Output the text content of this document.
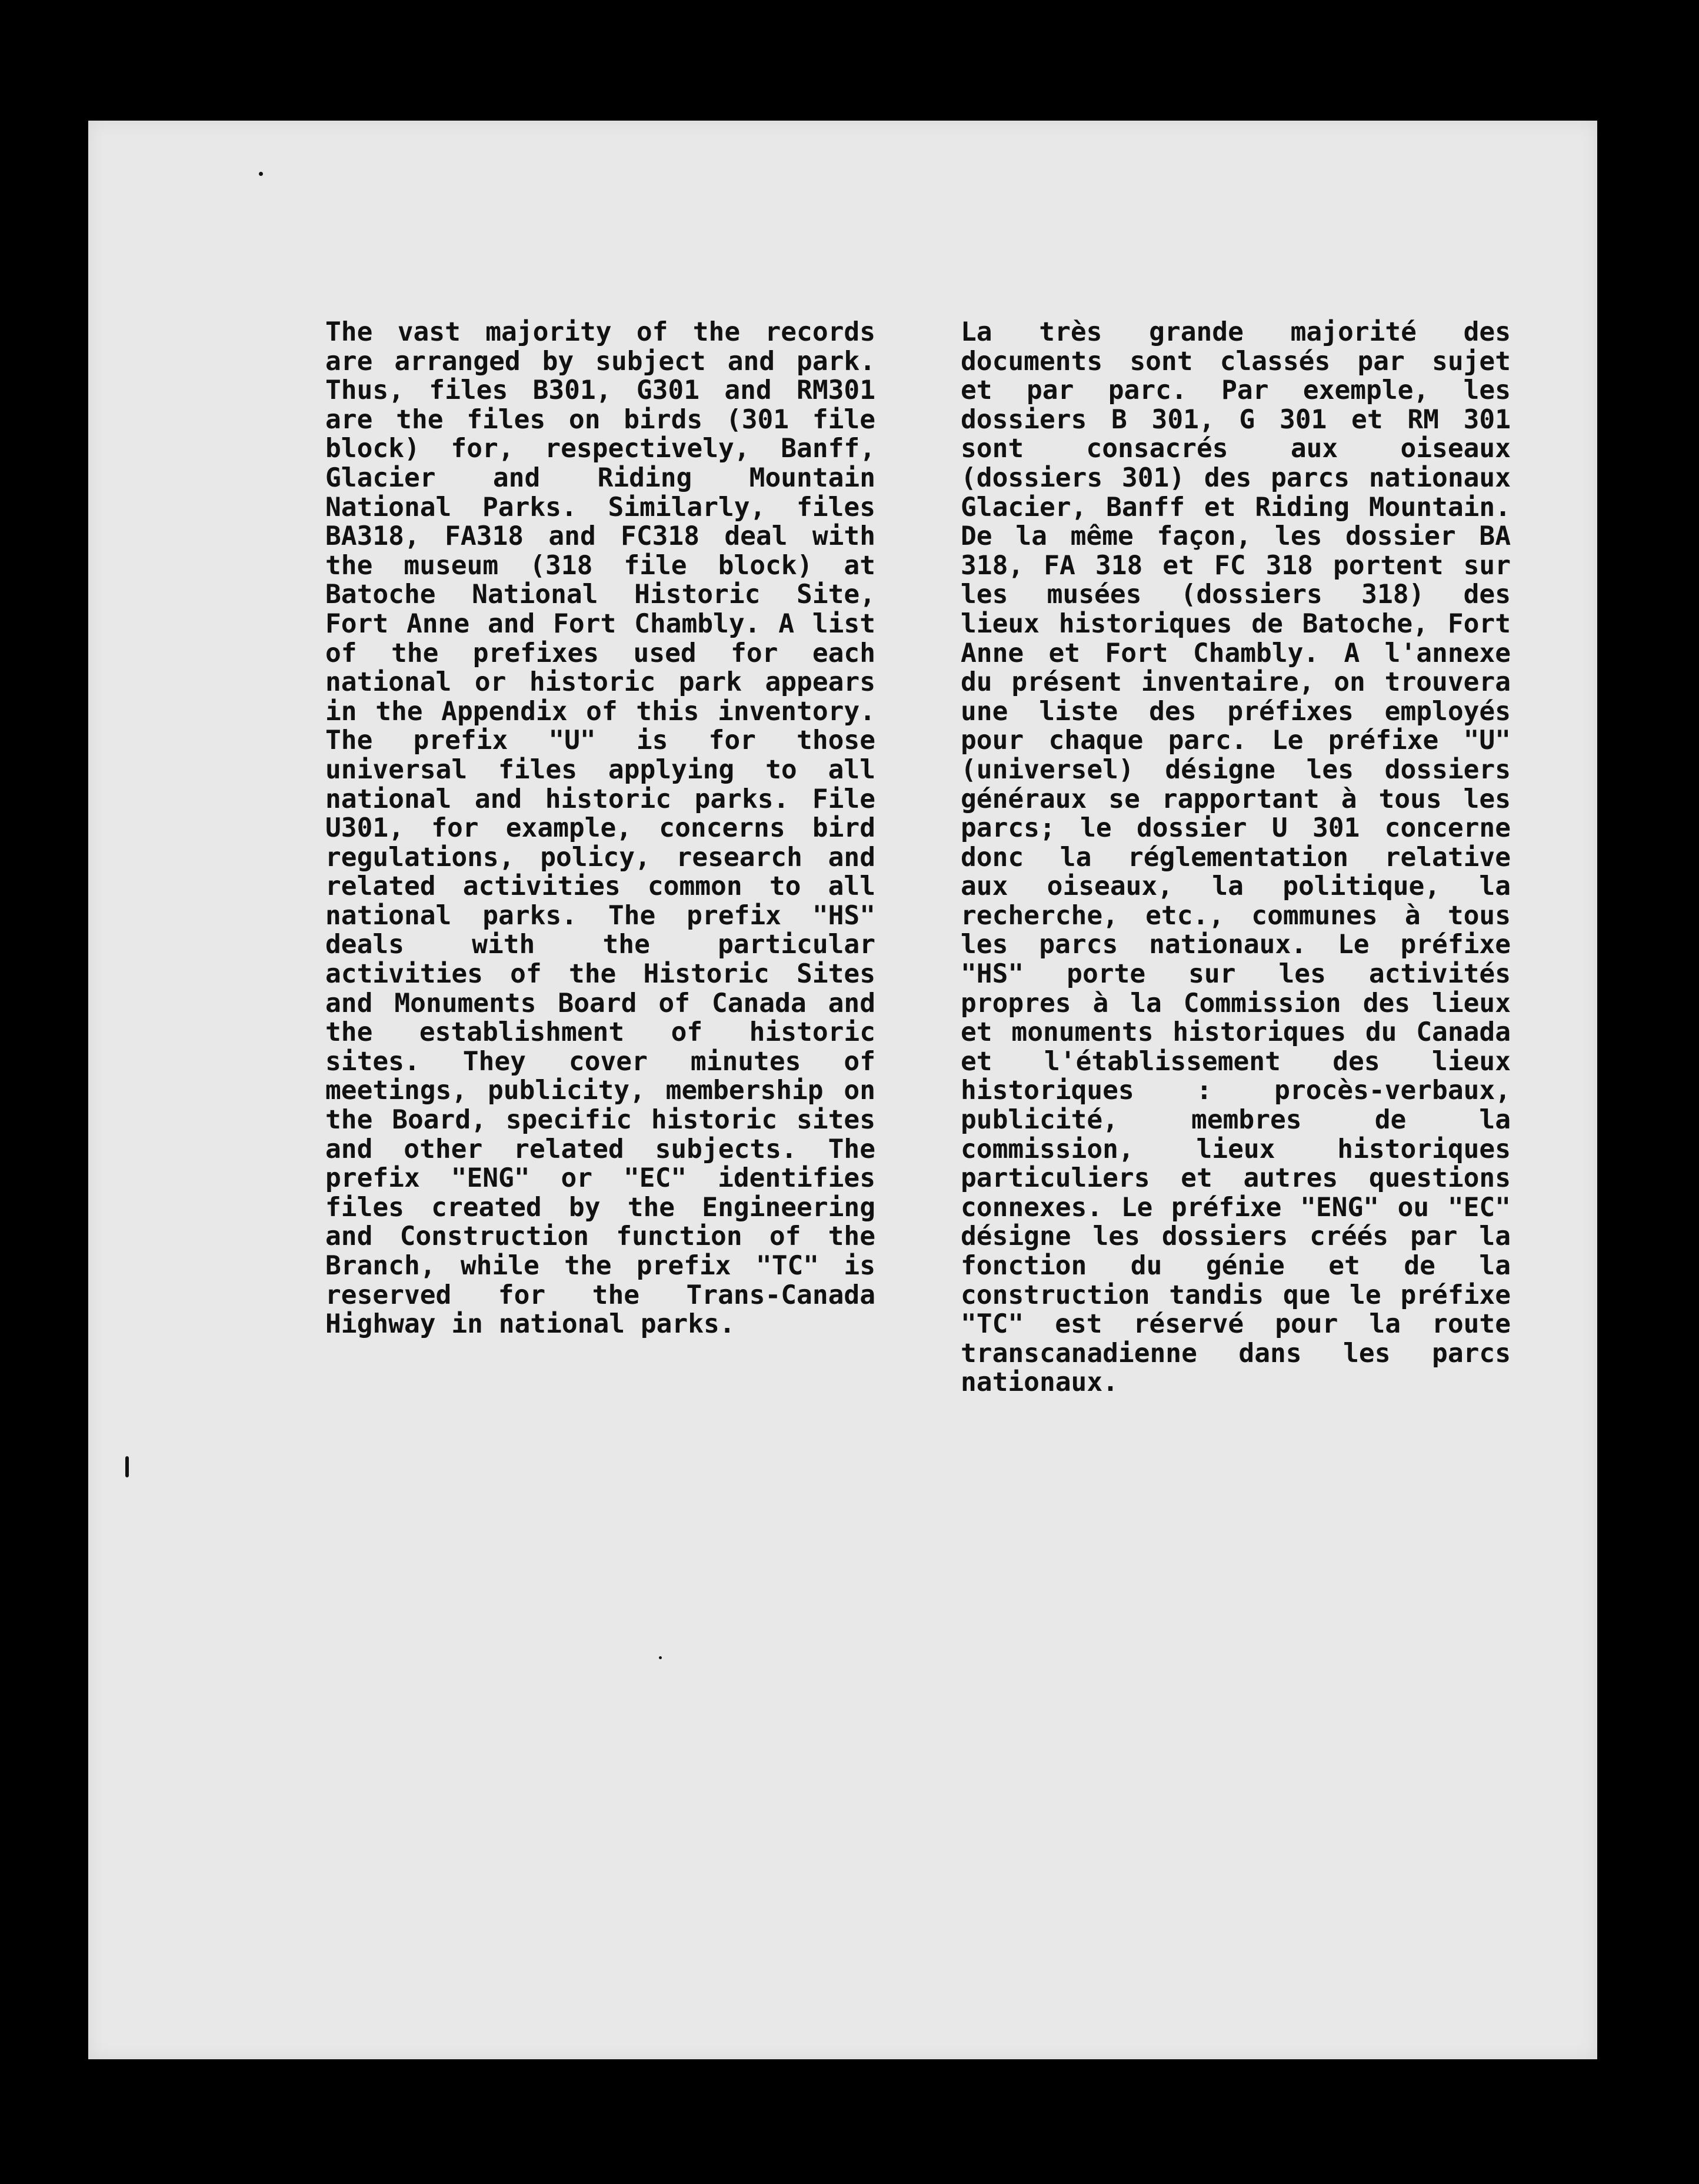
The vast majority of the records are arranged by subject and park. Thus, files B301, G301 and RM301 are the files on birds (301 file block) for, respectively, Banff, Glacier and Riding Mountain National Parks. Similarly, files BA318, FA318 and FC318 deal with the museum (318 file block) at Batoche National Historic Site, Fort Anne and Fort Chambly. A list of the prefixes used for each national or historic park appears in the Appendix of this inventory. The prefix "U" is for those universal files applying to all national and historic parks. File U301, for example, concerns bird regulations, policy, research and related activities common to all national parks. The prefix "HS" deals with the particular activities of the Historic Sites and Monuments Board of Canada and the establishment of historic sites. They cover minutes of meetings, publicity, membership on the Board, specific historic sites and other related subjects. The prefix "ENG" or "EC" identifies files created by the Engineering and Construction function of the Branch, while the prefix "TC" is reserved for the Trans-Canada Highway in national parks.

La très grande majorité des documents sont classés par sujet et par parc. Par exemple, les dossiers B 301, G 301 et RM 301 sont consacrés aux oiseaux (dossiers 301) des parcs nationaux Glacier, Banff et Riding Mountain. De la même façon, les dossier BA 318, FA 318 et FC 318 portent sur les musées (dossiers 318) des lieux historiques de Batoche, Fort Anne et Fort Chambly. A l'annexe du présent inventaire, on trouvera une liste des préfixes employés pour chaque parc. Le préfixe "U" (universel) désigne les dossiers généraux se rapportant à tous les parcs; le dossier U 301 concerne donc la réglementation relative aux oiseaux, la politique, la recherche, etc., communes à tous les parcs nationaux. Le préfixe "HS" porte sur les activités propres à la Commission des lieux et monuments historiques du Canada et l'établissement des lieux historiques : procès-verbaux, publicité, membres de la commission, lieux historiques particuliers et autres questions connexes. Le préfixe "ENG" ou "EC" désigne les dossiers créés par la fonction du génie et de la construction tandis que le préfixe "TC" est réservé pour la route transcanadienne dans les parcs nationaux.
